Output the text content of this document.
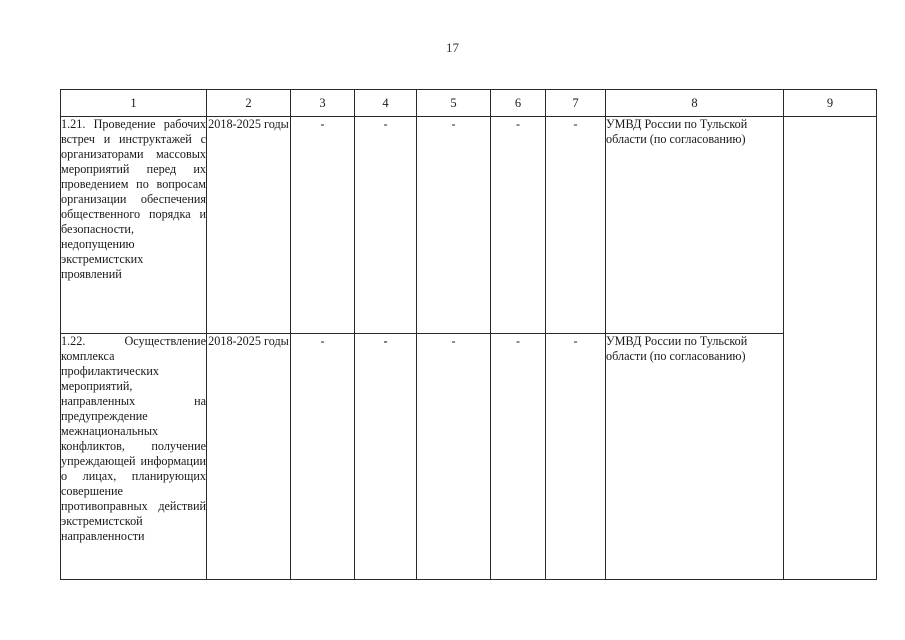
17
1	2	3	4	5	6	7	8	9
1.21. Проведение рабочих встреч и инструктажей с организаторами массовых мероприятий перед их проведением по вопросам организации обеспечения общественного порядка и безопасности, недопущению экстремистских проявлений	2018-2025 годы	-	-	-	-	-	УМВД России по Тульской области (по согласованию)	
1.22. Осуществление комплекса профилактических мероприятий, направленных на предупреждение межнациональных конфликтов, получение упреждающей информации о лицах, планирующих совершение противоправных действий экстремистской направленности	2018-2025 годы	-	-	-	-	-	УМВД России по Тульской области (по согласованию)	
